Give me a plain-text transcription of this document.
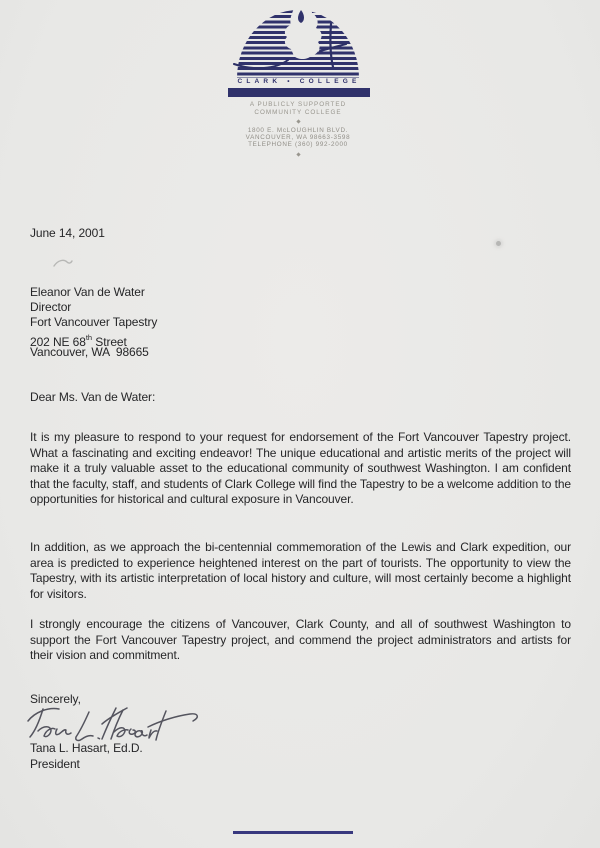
CLARK • COLLEGE
A PUBLICLY SUPPORTED
COMMUNITY COLLEGE
1800 E. McLOUGHLIN BLVD.
VANCOUVER, WA 98663-3598
TELEPHONE (360) 992-2000
June 14, 2001
Eleanor Van de Water
Director
Fort Vancouver Tapestry
202 NE 68th Street
Vancouver, WA  98665
Dear Ms. Van de Water:

It is my pleasure to respond to your request for endorsement of the Fort Vancouver Tapestry project. What a fascinating and exciting endeavor! The unique educational and artistic merits of the project will make it a truly valuable asset to the educational community of southwest Washington. I am confident that the faculty, staff, and students of Clark College will find the Tapestry to be a welcome addition to the opportunities for historical and cultural exposure in Vancouver.

In addition, as we approach the bi-centennial commemoration of the Lewis and Clark expedition, our area is predicted to experience heightened interest on the part of tourists. The opportunity to view the Tapestry, with its artistic interpretation of local history and culture, will most certainly become a highlight for visitors.

I strongly encourage the citizens of Vancouver, Clark County, and all of southwest Washington to support the Fort Vancouver Tapestry project, and commend the project administrators and artists for their vision and commitment.

Sincerely,
Tana L. Hasart, Ed.D.
President
